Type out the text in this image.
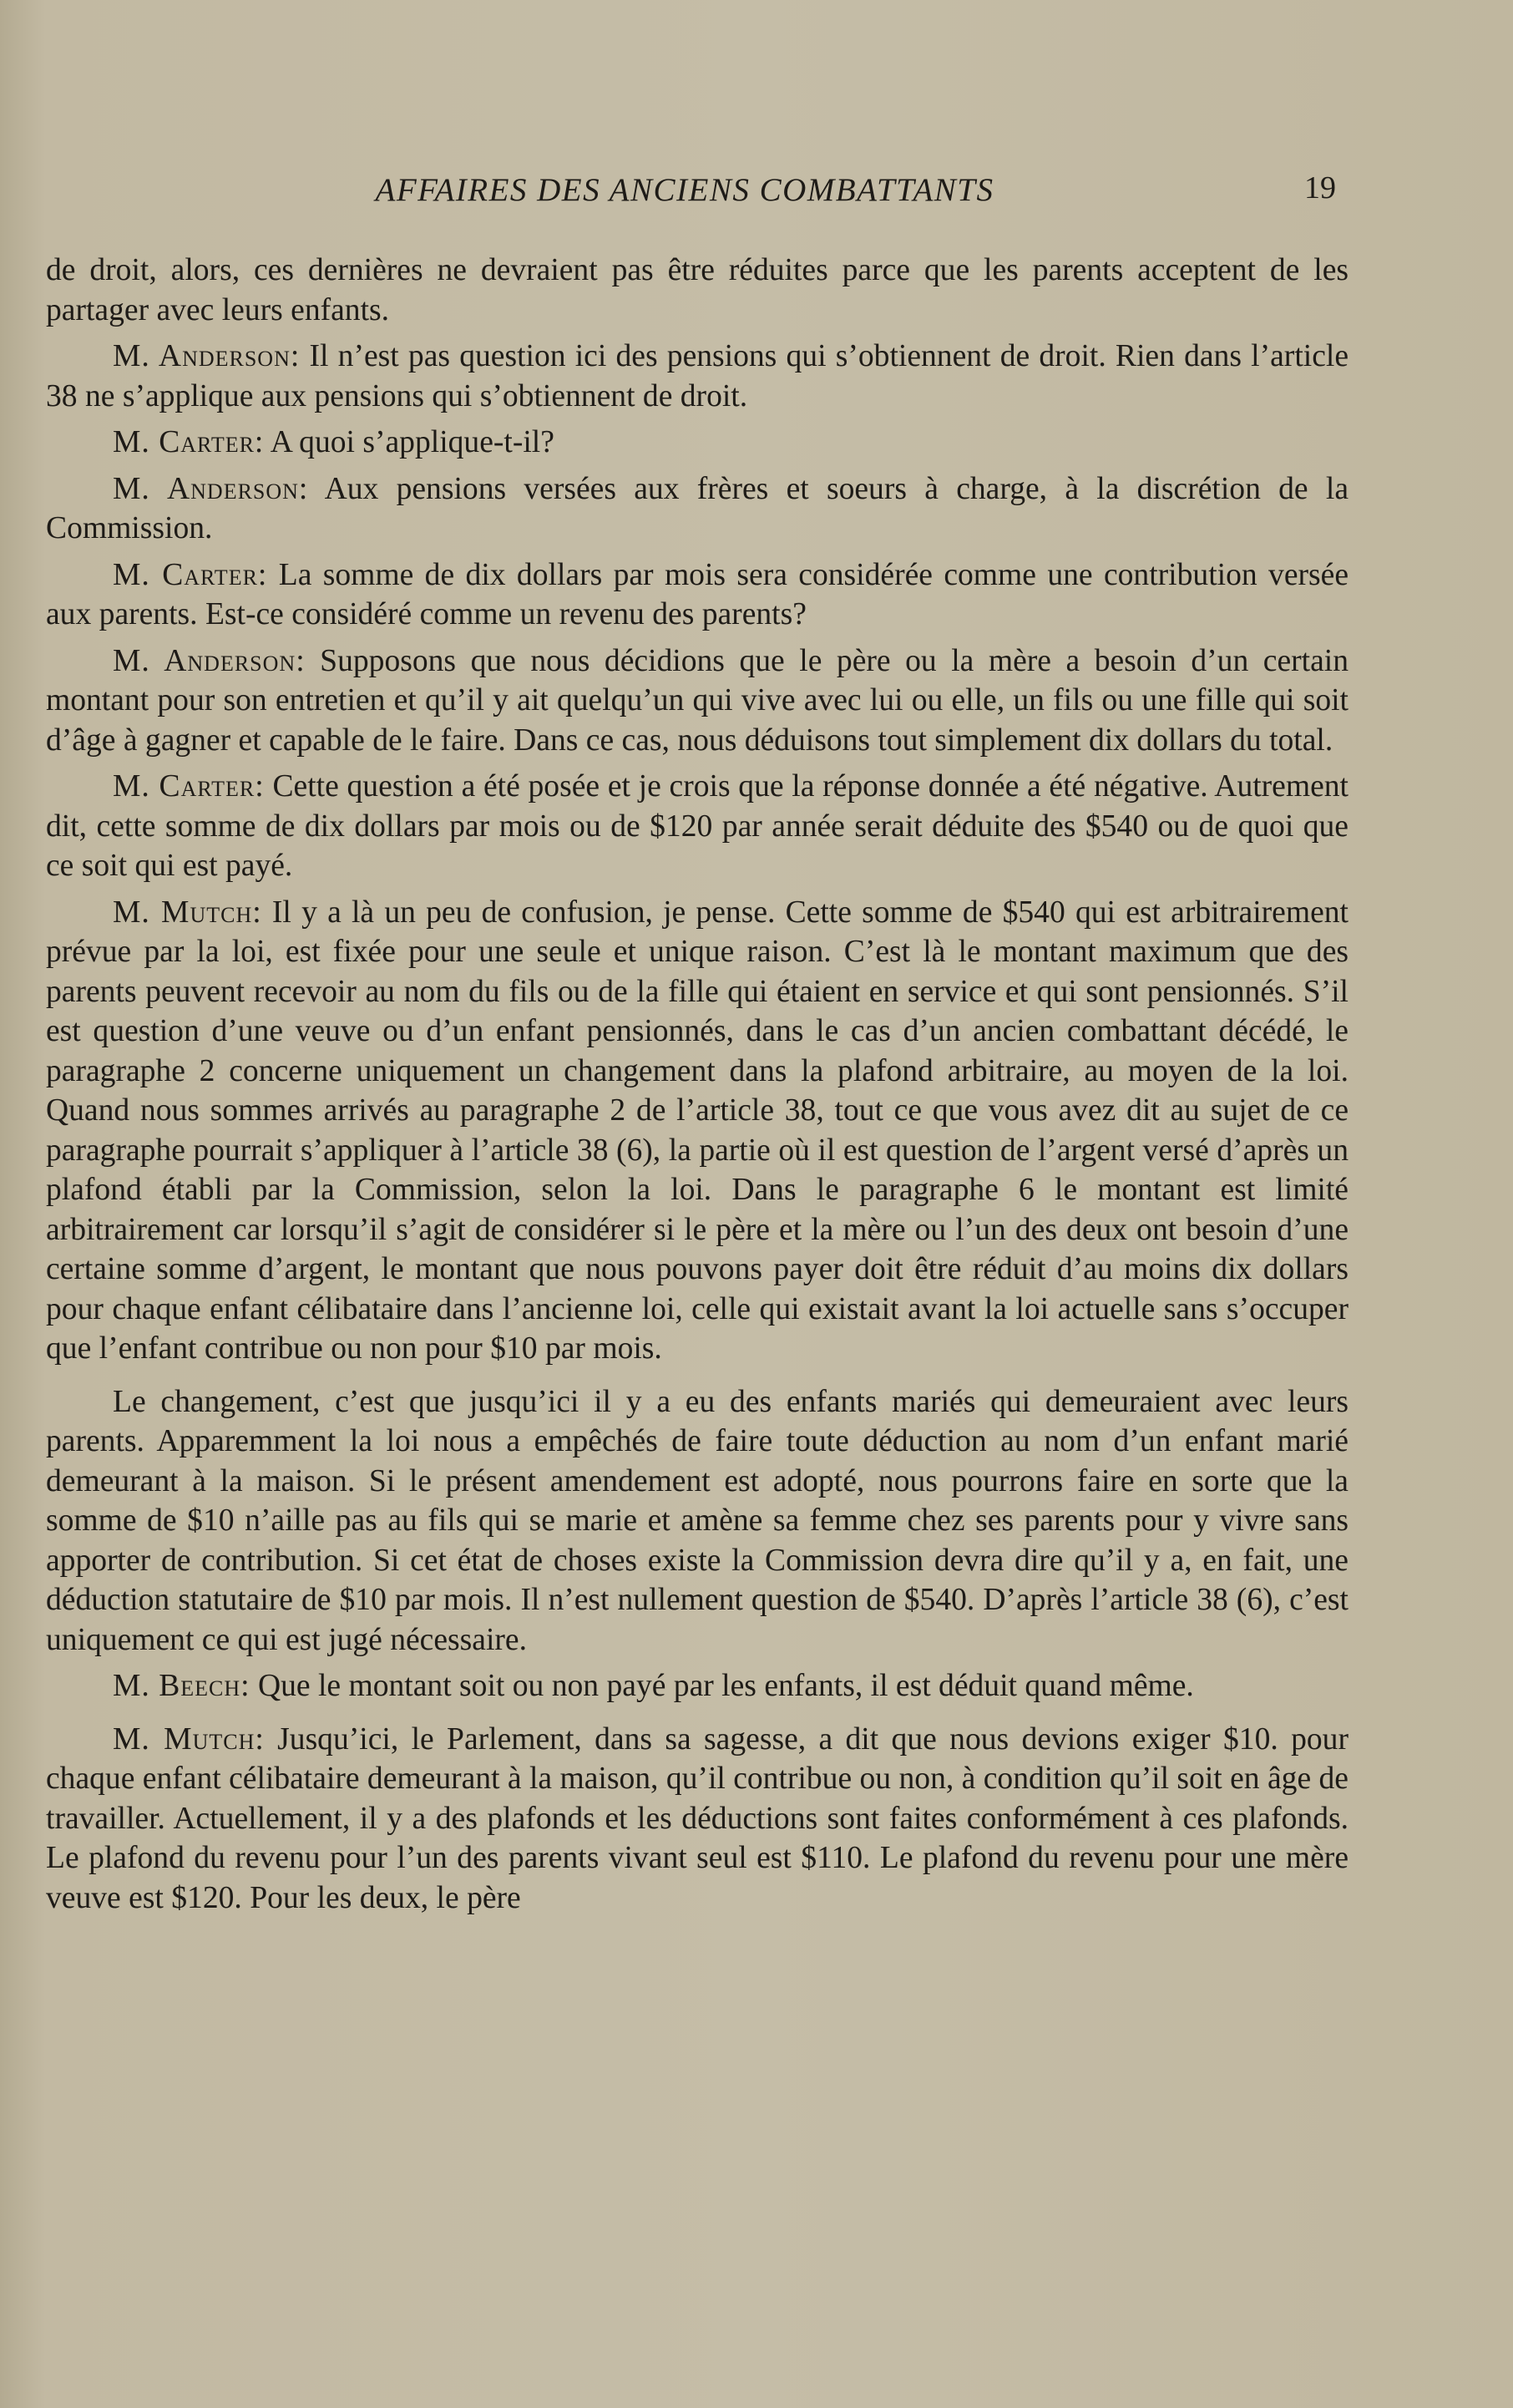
AFFAIRES DES ANCIENS COMBATTANTS	19

de droit, alors, ces dernières ne devraient pas être réduites parce que les parents acceptent de les partager avec leurs enfants.

M. Anderson: Il n’est pas question ici des pensions qui s’obtiennent de droit. Rien dans l’article 38 ne s’applique aux pensions qui s’obtiennent de droit.

M. Carter: A quoi s’applique-t-il?

M. Anderson: Aux pensions versées aux frères et soeurs à charge, à la discrétion de la Commission.

M. Carter: La somme de dix dollars par mois sera considérée comme une contribution versée aux parents. Est-ce considéré comme un revenu des parents?

M. Anderson: Supposons que nous décidions que le père ou la mère a besoin d’un certain montant pour son entretien et qu’il y ait quelqu’un qui vive avec lui ou elle, un fils ou une fille qui soit d’âge à gagner et capable de le faire. Dans ce cas, nous déduisons tout simplement dix dollars du total.

M. Carter: Cette question a été posée et je crois que la réponse donnée a été négative. Autrement dit, cette somme de dix dollars par mois ou de $120 par année serait déduite des $540 ou de quoi que ce soit qui est payé.

M. Mutch: Il y a là un peu de confusion, je pense. Cette somme de $540 qui est arbitrairement prévue par la loi, est fixée pour une seule et unique raison. C’est là le montant maximum que des parents peuvent recevoir au nom du fils ou de la fille qui étaient en service et qui sont pensionnés. S’il est question d’une veuve ou d’un enfant pensionnés, dans le cas d’un ancien combattant décédé, le paragraphe 2 concerne uniquement un changement dans la plafond arbitraire, au moyen de la loi. Quand nous sommes arrivés au paragraphe 2 de l’article 38, tout ce que vous avez dit au sujet de ce paragraphe pourrait s’appliquer à l’article 38 (6), la partie où il est question de l’argent versé d’après un plafond établi par la Commission, selon la loi. Dans le paragraphe 6 le montant est limité arbitrairement car lorsqu’il s’agit de considérer si le père et la mère ou l’un des deux ont besoin d’une certaine somme d’argent, le montant que nous pouvons payer doit être réduit d’au moins dix dollars pour chaque enfant célibataire dans l’ancienne loi, celle qui existait avant la loi actuelle sans s’occuper que l’enfant contribue ou non pour $10 par mois.

Le changement, c’est que jusqu’ici il y a eu des enfants mariés qui demeuraient avec leurs parents. Apparemment la loi nous a empêchés de faire toute déduction au nom d’un enfant marié demeurant à la maison. Si le présent amendement est adopté, nous pourrons faire en sorte que la somme de $10 n’aille pas au fils qui se marie et amène sa femme chez ses parents pour y vivre sans apporter de contribution. Si cet état de choses existe la Commission devra dire qu’il y a, en fait, une déduction statutaire de $10 par mois. Il n’est nullement question de $540. D’après l’article 38 (6), c’est uniquement ce qui est jugé nécessaire.

M. Beech: Que le montant soit ou non payé par les enfants, il est déduit quand même.

M. Mutch: Jusqu’ici, le Parlement, dans sa sagesse, a dit que nous devions exiger $10. pour chaque enfant célibataire demeurant à la maison, qu’il contribue ou non, à condition qu’il soit en âge de travailler. Actuellement, il y a des plafonds et les déductions sont faites conformément à ces plafonds. Le plafond du revenu pour l’un des parents vivant seul est $110. Le plafond du revenu pour une mère veuve est $120. Pour les deux, le père
